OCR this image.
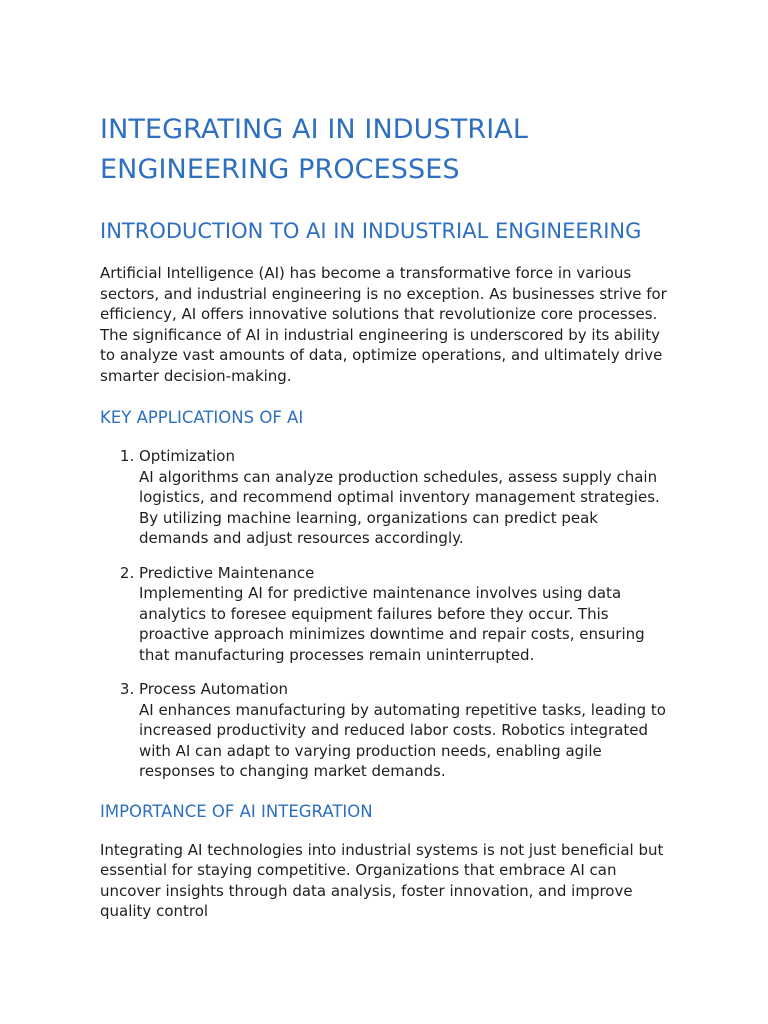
INTEGRATING AI IN INDUSTRIAL ENGINEERING PROCESSES
INTRODUCTION TO AI IN INDUSTRIAL ENGINEERING

Artificial Intelligence (AI) has become a transformative force in various sectors, and industrial engineering is no exception. As businesses strive for efficiency, AI offers innovative solutions that revolutionize core processes. The significance of AI in industrial engineering is underscored by its ability to analyze vast amounts of data, optimize operations, and ultimately drive smarter decision-making.

KEY APPLICATIONS OF AI
1. Optimization
AI algorithms can analyze production schedules, assess supply chain logistics, and recommend optimal inventory management strategies. By utilizing machine learning, organizations can predict peak demands and adjust resources accordingly.
2. Predictive Maintenance
Implementing AI for predictive maintenance involves using data analytics to foresee equipment failures before they occur. This proactive approach minimizes downtime and repair costs, ensuring that manufacturing processes remain uninterrupted.
3. Process Automation
AI enhances manufacturing by automating repetitive tasks, leading to increased productivity and reduced labor costs. Robotics integrated with AI can adapt to varying production needs, enabling agile responses to changing market demands.
IMPORTANCE OF AI INTEGRATION

Integrating AI technologies into industrial systems is not just beneficial but essential for staying competitive. Organizations that embrace AI can uncover insights through data analysis, foster innovation, and improve quality control
